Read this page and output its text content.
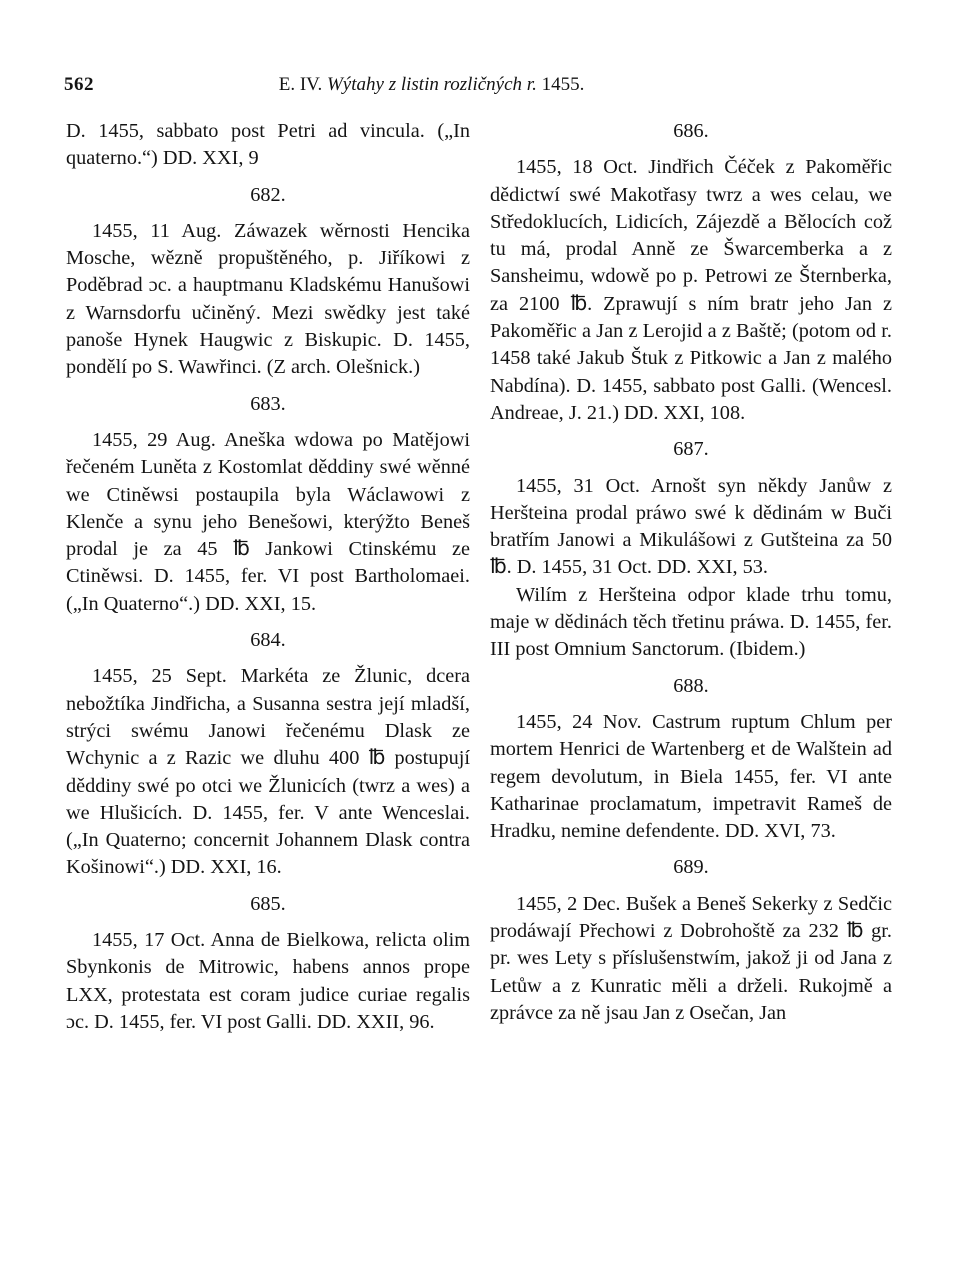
562	E. IV. Wýtahy z listin rozličných r. 1455.

D. 1455, sabbato post Petri ad vincula. („In quaterno.“) DD. XXI, 9

682.

1455, 11 Aug. Záwazek wěrnosti Hencika Mosche, wězně propuštěného, p. Jiříkowi z Poděbrad ɔc. a hauptmanu Kladskému Hanušowi z Warnsdorfu učiněný. Mezi swědky jest také panoše Hynek Haugwic z Biskupic. D. 1455, pondělí po S. Wawřinci. (Z arch. Olešnick.)

683.

1455, 29 Aug. Aneška wdowa po Matějowi řečeném Luněta z Kostomlat děddiny swé wěnné we Ctiněwsi postaupila byla Wáclawowi z Klenče a synu jeho Benešowi, kterýžto Beneš prodal je za 45 ℔ Jankowi Ctinskému ze Ctiněwsi. D. 1455, fer. VI post Bartholomaei. („In Quaterno“.) DD. XXI, 15.

684.

1455, 25 Sept. Markéta ze Žlunic, dcera nebožtíka Jindřicha, a Susanna sestra její mladší, strýci swému Janowi řečenému Dlask ze Wchynic a z Razic we dluhu 400 ℔ postupují děddiny swé po otci we Žlunicích (twrz a wes) a we Hlušicích. D. 1455, fer. V ante Wenceslai. („In Quaterno; concernit Johannem Dlask contra Košinowi“.) DD. XXI, 16.

685.

1455, 17 Oct. Anna de Bielkowa, relicta olim Sbynkonis de Mitrowic, habens annos prope LXX, protestata est coram judice curiae regalis ɔc. D. 1455, fer. VI post Galli. DD. XXII, 96.

686.

1455, 18 Oct. Jindřich Čéček z Pakoměřic dědictwí swé Makotřasy twrz a wes celau, we Středoklucích, Lidicích, Zájezdě a Bělocích což tu má, prodal Anně ze Šwarcemberka a z Sansheimu, wdowě po p. Petrowi ze Šternberka, za 2100 ℔. Zprawují s ním bratr jeho Jan z Pakoměřic a Jan z Lerojid a z Baště; (potom od r. 1458 také Jakub Štuk z Pitkowic a Jan z malého Nabdína). D. 1455, sabbato post Galli. (Wencesl. Andreae, J. 21.) DD. XXI, 108.

687.

1455, 31 Oct. Arnošt syn někdy Janůw z Heršteina prodal práwo swé k dědinám w Buči bratřím Janowi a Mikulášowi z Gutšteina za 50 ℔. D. 1455, 31 Oct. DD. XXI, 53.

Wilím z Heršteina odpor klade trhu tomu, maje w dědinách těch třetinu práwa. D. 1455, fer. III post Omnium Sanctorum. (Ibidem.)

688.

1455, 24 Nov. Castrum ruptum Chlum per mortem Henrici de Wartenberg et de Walštein ad regem devolutum, in Biela 1455, fer. VI ante Katharinae proclamatum, impetravit Rameš de Hradku, nemine defendente. DD. XVI, 73.

689.

1455, 2 Dec. Bušek a Beneš Sekerky z Sedčic prodáwají Přechowi z Dobrohoště za 232 ℔ gr. pr. wes Lety s příslušenstwím, jakož ji od Jana z Letůw a z Kunratic měli a drželi. Rukojmě a zprávce za ně jsau Jan z Osečan, Jan
